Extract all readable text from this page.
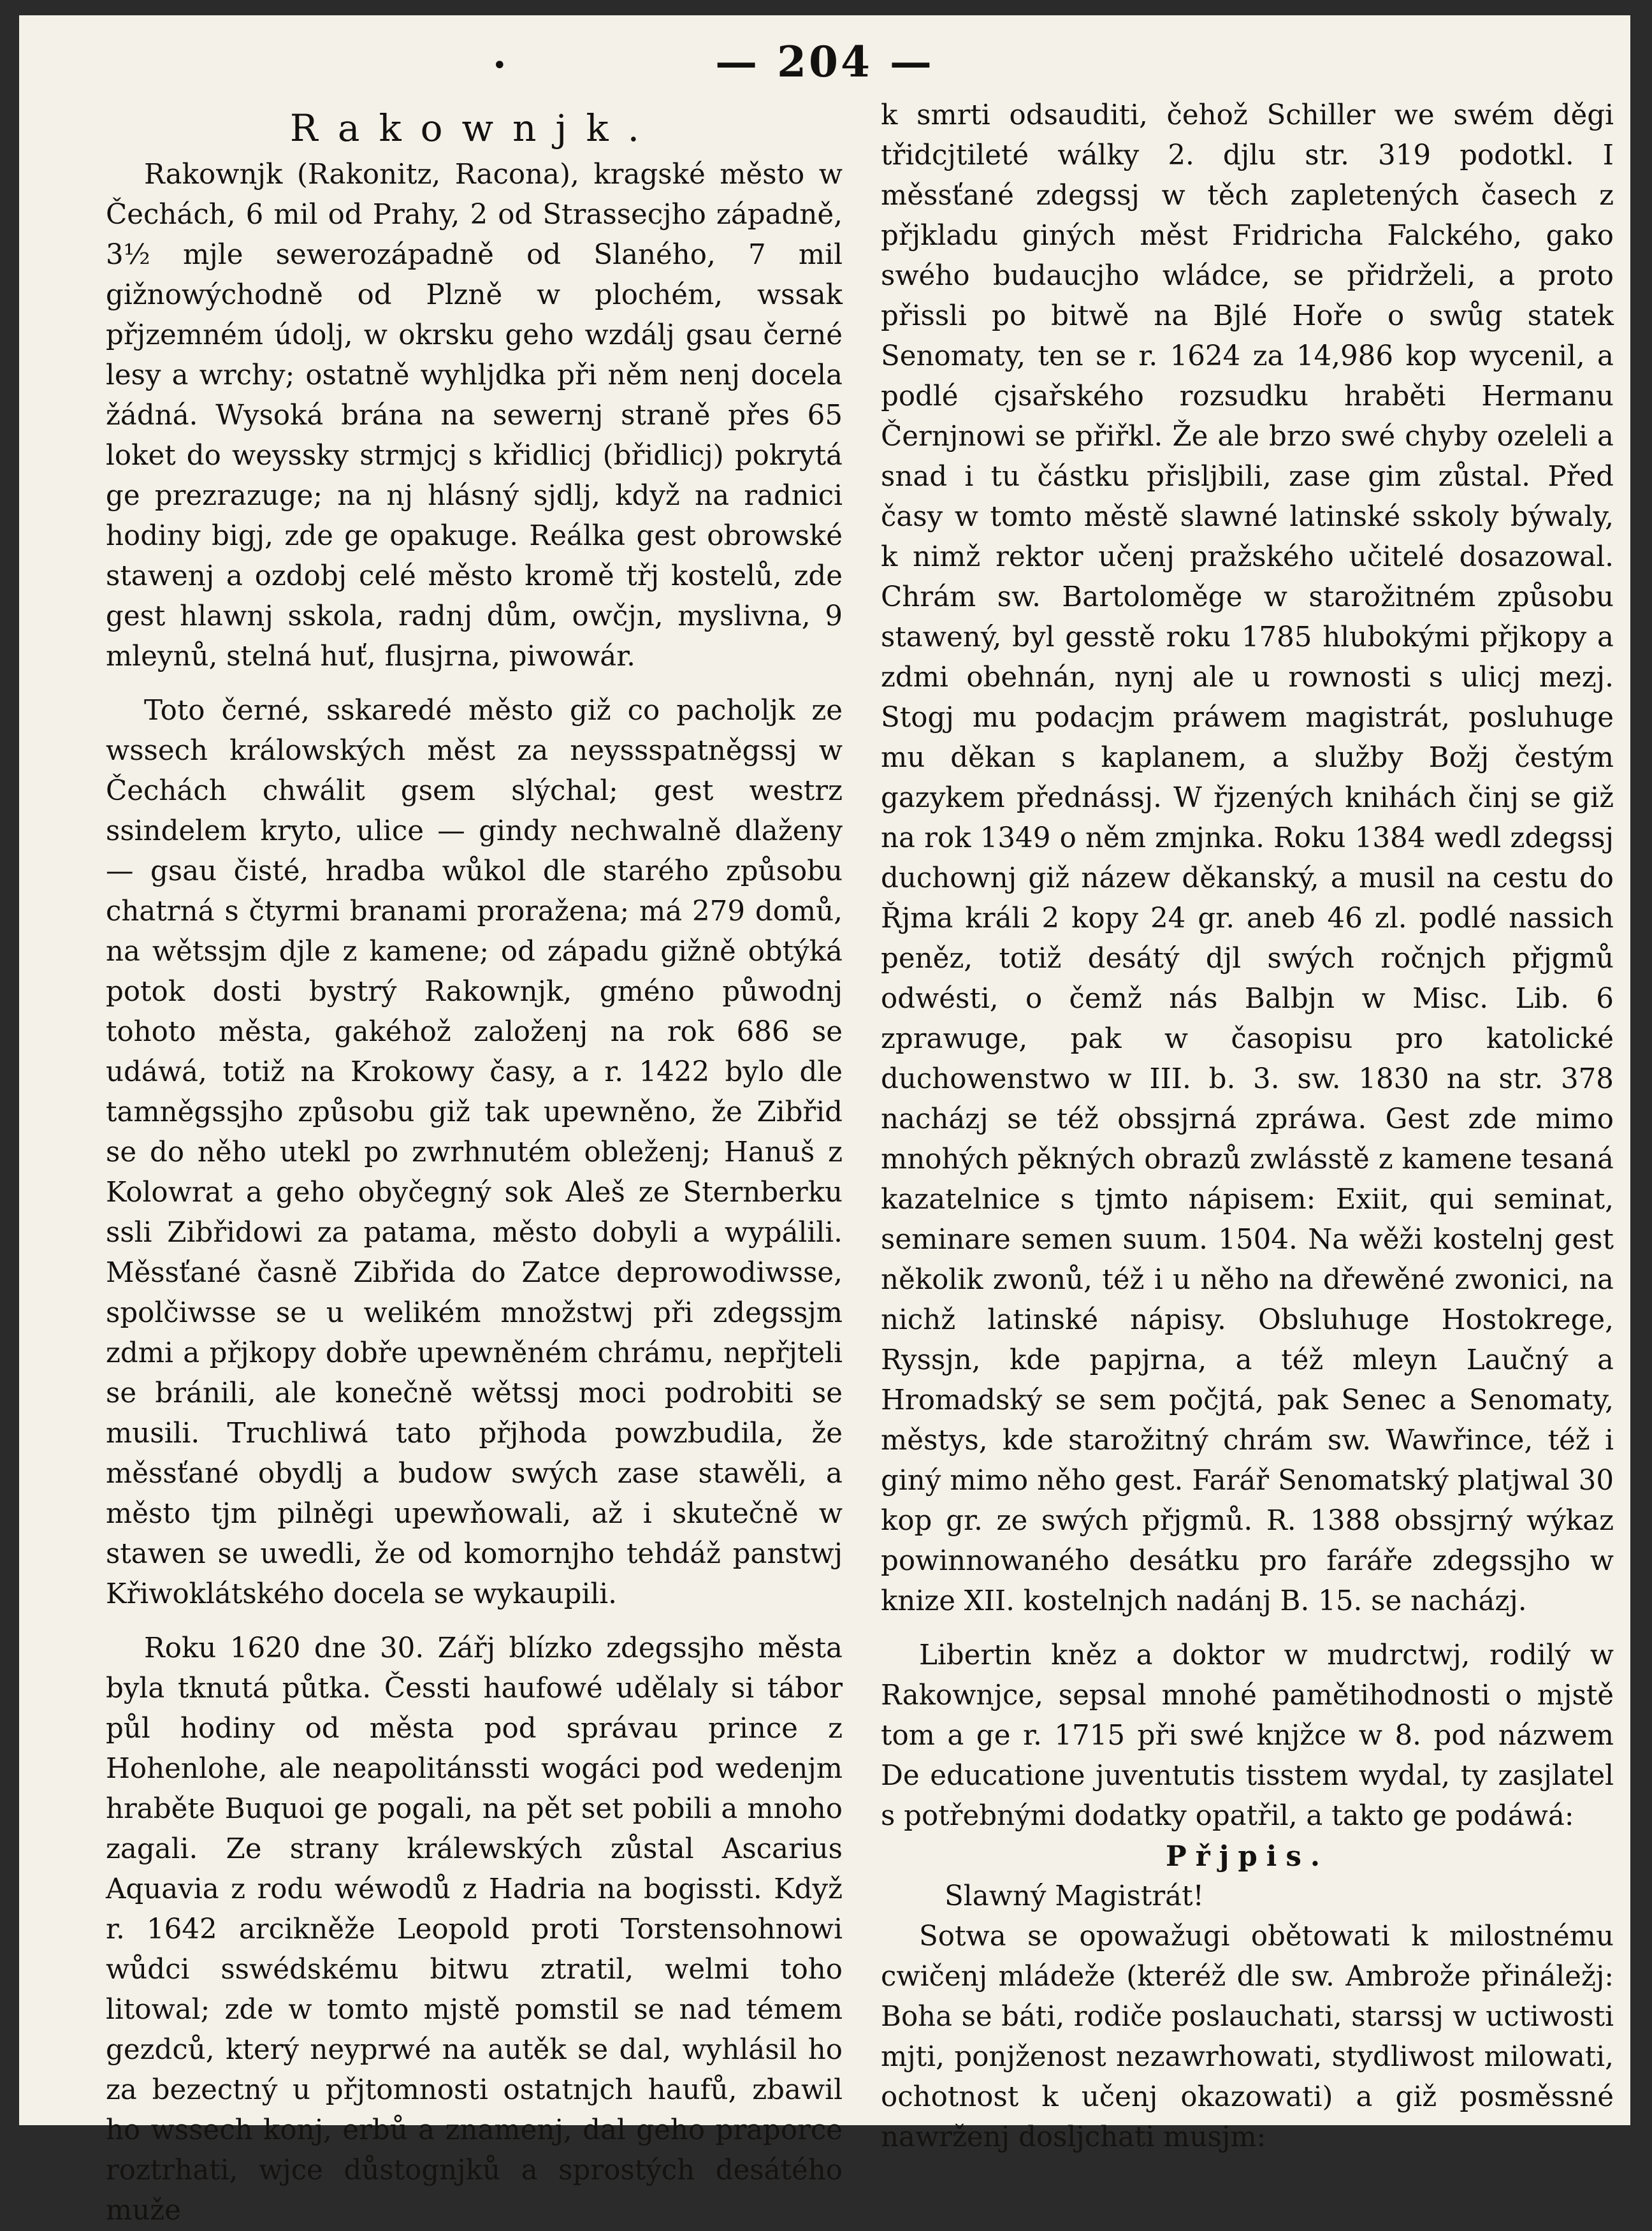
•	— 204 —
Rakownjk.

Rakownjk (Rakonitz, Racona), kragské město w Čechách, 6 mil od Prahy, 2 od Strassecjho západně, 3½ mjle sewerozápadně od Slaného, 7 mil gižnowýchodně od Plzně w plochém, wssak přjzemném údolj, w okrsku geho wzdálj gsau černé lesy a wrchy; ostatně wyhljdka při něm nenj docela žádná. Wysoká brána na sewernj straně přes 65 loket do weyssky strmjcj s křidlicj (břidlicj) pokrytá ge prezrazuge; na nj hlásný sjdlj, když na radnici hodiny bigj, zde ge opakuge. Reálka gest obrowské stawenj a ozdobj celé město kromě třj kostelů, zde gest hlawnj sskola, radnj dům, owčjn, myslivna, 9 mleynů, stelná huť, flusjrna, piwowár.

Toto černé, sskaredé město giž co pacholjk ze wssech králowských měst za neyssspatněgssj w Čechách chwálit gsem slýchal; gest westrz ssindelem kryto, ulice — gindy nechwalně dlaženy — gsau čisté, hradba wůkol dle starého způsobu chatrná s čtyrmi branami proražena; má 279 domů, na wětssjm djle z kamene; od západu gižně obtýká potok dosti bystrý Rakownjk, gméno půwodnj tohoto města, gakéhož založenj na rok 686 se udáwá, totiž na Krokowy časy, a r. 1422 bylo dle tamněgssjho způsobu giž tak upewněno, že Zibřid se do něho utekl po zwrhnutém obleženj; Hanuš z Kolowrat a geho obyčegný sok Aleš ze Sternberku ssli Zibřidowi za patama, město dobyli a wypálili. Měssťané časně Zibřida do Zatce deprowodiwsse, spolčiwsse se u welikém množstwj při zdegssjm zdmi a přjkopy dobře upewněném chrámu, nepřjteli se bránili, ale konečně wětssj moci podrobiti se musili. Truchliwá tato přjhoda powzbudila, že měssťané obydlj a budow swých zase stawěli, a město tjm pilněgi upewňowali, až i skutečně w stawen se uwedli, že od komornjho tehdáž panstwj Křiwoklátského docela se wykaupili.

Roku 1620 dne 30. Zářj blízko zdegssjho města byla tknutá půtka. Čessti haufowé udělaly si tábor půl hodiny od města pod správau prince z Hohenlohe, ale neapolitánssti wogáci pod wedenjm hraběte Buquoi ge pogali, na pět set pobili a mnoho zagali. Ze strany králewských zůstal Ascarius Aquavia z rodu wéwodů z Hadria na bogissti. Když r. 1642 arcikněže Leopold proti Torstensohnowi wůdci sswédskému bitwu ztratil, welmi toho litowal; zde w tomto mjstě pomstil se nad témem gezdců, který neyprwé na autěk se dal, wyhlásil ho za bezectný u přjtomnosti ostatnjch haufů, zbawil ho wssech konj, erbů a znamenj, dal geho praporce roztrhati, wjce důstognjků a sprostých desátého muže

k smrti odsauditi, čehož Schiller we swém děgi třidcjtileté wálky 2. djlu str. 319 podotkl. I měssťané zdegssj w těch zapletených časech z přjkladu giných měst Fridricha Falckého, gako swého budaucjho wládce, se přidrželi, a proto přissli po bitwě na Bjlé Hoře o swůg statek Senomaty, ten se r. 1624 za 14,986 kop wycenil, a podlé cjsařského rozsudku hraběti Hermanu Černjnowi se přiřkl. Že ale brzo swé chyby ozeleli a snad i tu částku přisljbili, zase gim zůstal. Před časy w tomto městě slawné latinské sskoly býwaly, k nimž rektor učenj pražského učitelé dosazowal. Chrám sw. Bartoloměge w starožitném způsobu stawený, byl gesstě roku 1785 hlubokými přjkopy a zdmi obehnán, nynj ale u rownosti s ulicj mezj. Stogj mu podacjm práwem magistrát, posluhuge mu děkan s kaplanem, a služby Božj čestým gazykem přednássj. W řjzených knihách činj se giž na rok 1349 o něm zmjnka. Roku 1384 wedl zdegssj duchownj giž názew děkanský, a musil na cestu do Řjma králi 2 kopy 24 gr. aneb 46 zl. podlé nassich peněz, totiž desátý djl swých ročnjch přjgmů odwésti, o čemž nás Balbjn w Misc. Lib. 6 zprawuge, pak w časopisu pro katolické duchowenstwo w III. b. 3. sw. 1830 na str. 378 nacházj se též obssjrná zpráwa. Gest zde mimo mnohých pěkných obrazů zwlásstě z kamene tesaná kazatelnice s tjmto nápisem: Exiit, qui seminat, seminare semen suum. 1504. Na wěži kostelnj gest několik zwonů, též i u něho na dřewěné zwonici, na nichž latinské nápisy. Obsluhuge Hostokrege, Ryssjn, kde papjrna, a též mleyn Laučný a Hromadský se sem počjtá, pak Senec a Senomaty, městys, kde starožitný chrám sw. Wawřince, též i giný mimo něho gest. Farář Senomatský platjwal 30 kop gr. ze swých přjgmů. R. 1388 obssjrný wýkaz powinnowaného desátku pro faráře zdegssjho w knize XII. kostelnjch nadánj B. 15. se nacházj.

Libertin kněz a doktor w mudrctwj, rodilý w Rakownjce, sepsal mnohé pamětihodnosti o mjstě tom a ge r. 1715 při swé knjžce w 8. pod názwem De educatione juventutis tisstem wydal, ty zasjlatel s potřebnými dodatky opatřil, a takto ge podáwá:

Přjpis.

Slawný Magistrát!

Sotwa se opowažugi obětowati k milostnému cwičenj mládeže (kteréž dle sw. Ambrože přináležj: Boha se báti, rodiče poslauchati, starssj w uctiwosti mjti, ponjženost nezawrhowati, stydliwost milowati, ochotnost k učenj okazowati) a giž posměssné nawrženj dosljchati musjm:
